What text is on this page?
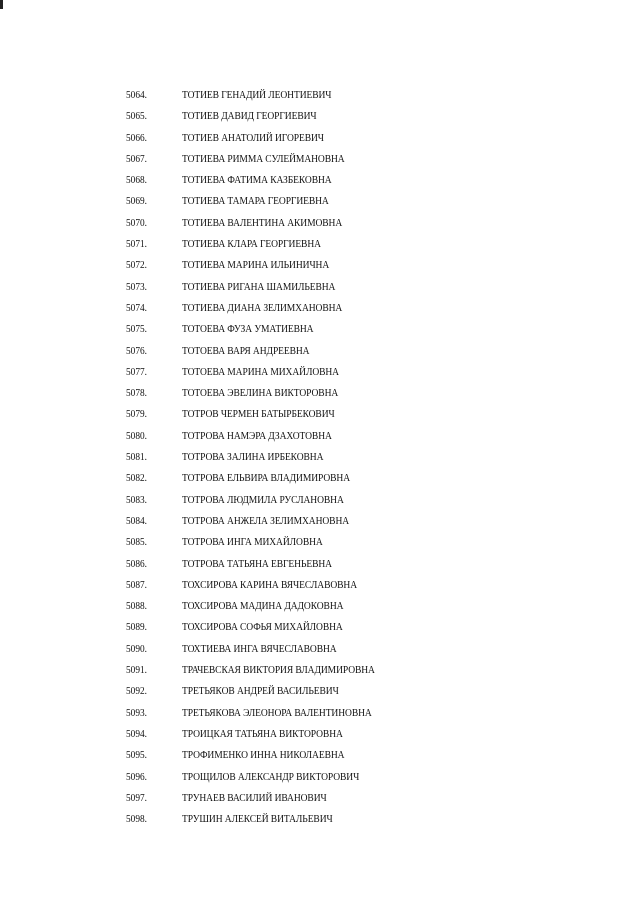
5064.	ТОТИЕВ ГЕНАДИЙ ЛЕОНТИЕВИЧ
5065.	ТОТИЕВ ДАВИД ГЕОРГИЕВИЧ
5066.	ТОТИЕВ АНАТОЛИЙ ИГОРЕВИЧ
5067.	ТОТИЕВА РИММА СУЛЕЙМАНОВНА
5068.	ТОТИЕВА ФАТИМА КАЗБЕКОВНА
5069.	ТОТИЕВА ТАМАРА ГЕОРГИЕВНА
5070.	ТОТИЕВА ВАЛЕНТИНА АКИМОВНА
5071.	ТОТИЕВА КЛАРА ГЕОРГИЕВНА
5072.	ТОТИЕВА МАРИНА ИЛЬИНИЧНА
5073.	ТОТИЕВА РИГАНА ШАМИЛЬЕВНА
5074.	ТОТИЕВА ДИАНА ЗЕЛИМХАНОВНА
5075.	ТОТОЕВА ФУЗА УМАТИЕВНА
5076.	ТОТОЕВА ВАРЯ АНДРЕЕВНА
5077.	ТОТОЕВА МАРИНА МИХАЙЛОВНА
5078.	ТОТОЕВА ЭВЕЛИНА ВИКТОРОВНА
5079.	ТОТРОВ ЧЕРМЕН БАТЫРБЕКОВИЧ
5080.	ТОТРОВА НАМЭРА ДЗАХОТОВНА
5081.	ТОТРОВА ЗАЛИНА ИРБЕКОВНА
5082.	ТОТРОВА ЕЛЬВИРА ВЛАДИМИРОВНА
5083.	ТОТРОВА ЛЮДМИЛА РУСЛАНОВНА
5084.	ТОТРОВА АНЖЕЛА ЗЕЛИМХАНОВНА
5085.	ТОТРОВА ИНГА МИХАЙЛОВНА
5086.	ТОТРОВА ТАТЬЯНА ЕВГЕНЬЕВНА
5087.	ТОХСИРОВА КАРИНА ВЯЧЕСЛАВОВНА
5088.	ТОХСИРОВА МАДИНА ДАДОКОВНА
5089.	ТОХСИРОВА СОФЬЯ МИХАЙЛОВНА
5090.	ТОХТИЕВА ИНГА ВЯЧЕСЛАВОВНА
5091.	ТРАЧЕВСКАЯ ВИКТОРИЯ ВЛАДИМИРОВНА
5092.	ТРЕТЬЯКОВ АНДРЕЙ ВАСИЛЬЕВИЧ
5093.	ТРЕТЬЯКОВА ЭЛЕОНОРА ВАЛЕНТИНОВНА
5094.	ТРОИЦКАЯ ТАТЬЯНА ВИКТОРОВНА
5095.	ТРОФИМЕНКО ИННА НИКОЛАЕВНА
5096.	ТРОЩИЛОВ АЛЕКСАНДР ВИКТОРОВИЧ
5097.	ТРУНАЕВ ВАСИЛИЙ ИВАНОВИЧ
5098.	ТРУШИН АЛЕКСЕЙ ВИТАЛЬЕВИЧ
